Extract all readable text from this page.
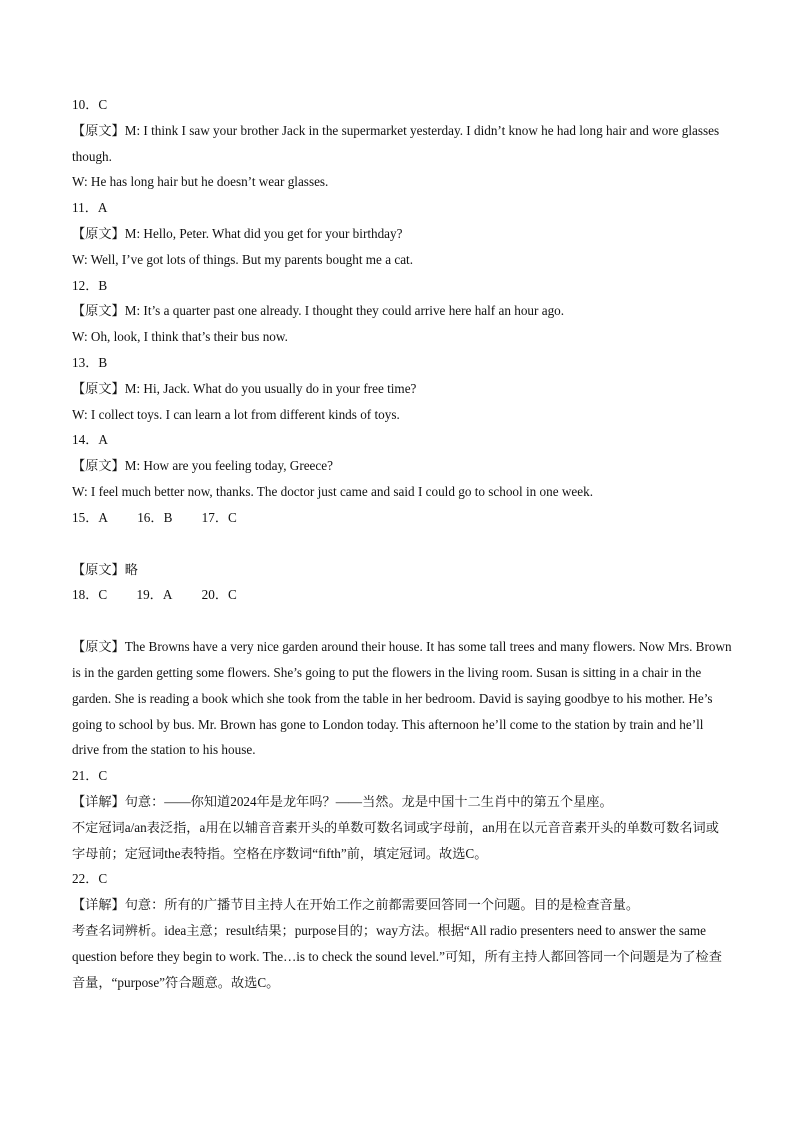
10．C
【原文】M: I think I saw your brother Jack in the supermarket yesterday. I didn’t know he had long hair and wore glasses though.
W: He has long hair but he doesn’t wear glasses.
11．A
【原文】M: Hello, Peter. What did you get for your birthday?
W: Well, I’ve got lots of things. But my parents bought me a cat.
12．B
【原文】M: It’s a quarter past one already. I thought they could arrive here half an hour ago.
W: Oh, look, I think that’s their bus now.
13．B
【原文】M: Hi, Jack. What do you usually do in your free time?
W: I collect toys. I can learn a lot from different kinds of toys.
14．A
【原文】M: How are you feeling today, Greece?
W: I feel much better now, thanks. The doctor just came and said I could go to school in one week.
15．A 16．B 17．C
【原文】略
18．C 19．A 20．C
【原文】The Browns have a very nice garden around their house. It has some tall trees and many flowers. Now Mrs. Brown is in the garden getting some flowers. She’s going to put the flowers in the living room. Susan is sitting in a chair in the garden. She is reading a book which she took from the table in her bedroom. David is saying goodbye to his mother. He’s going to school by bus. Mr. Brown has gone to London today. This afternoon he’ll come to the station by train and he’ll drive from the station to his house.
21．C
【详解】句意：——你知道2024年是龙年吗？——当然。龙是中国十二生肖中的第五个星座。
不定冠词a/an表泛指，a用在以辅音音素开头的单数可数名词或字母前，an用在以元音音素开头的单数可数名词或字母前；定冠词the表特指。空格在序数词“fifth”前，填定冠词。故选C。
22．C
【详解】句意：所有的广播节目主持人在开始工作之前都需要回答同一个问题。目的是检查音量。
考查名词辨析。idea主意；result结果；purpose目的；way方法。根据“All radio presenters need to answer the same question before they begin to work. The…is to check the sound level.”可知，所有主持人都回答同一个问题是为了检查音量，“purpose”符合题意。故选C。
